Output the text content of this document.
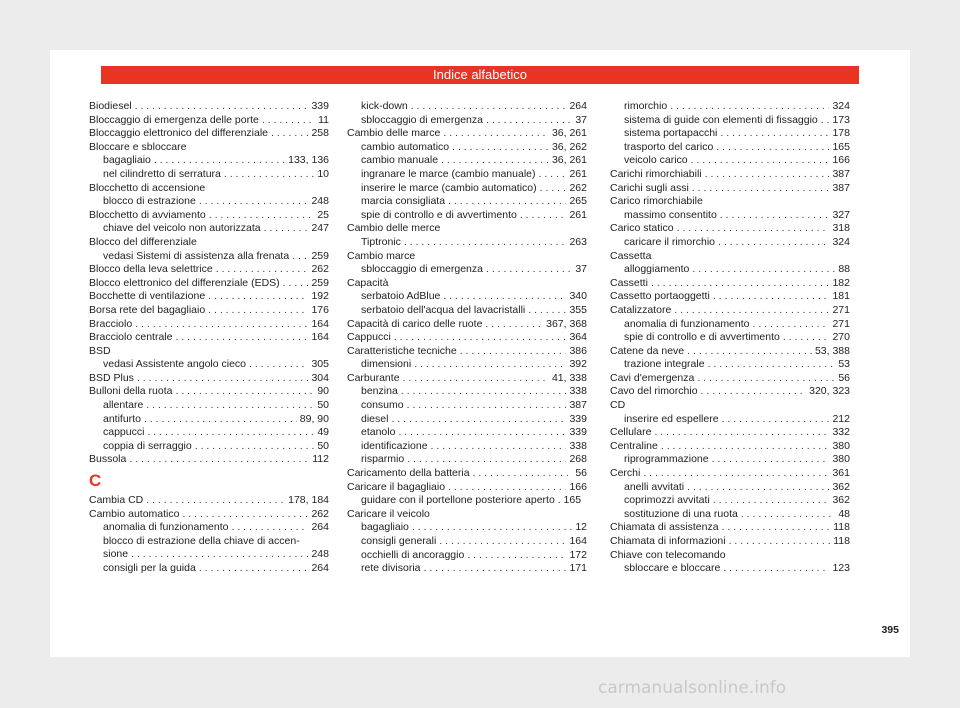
Indice alfabetico
Biodiesel . . .	339
Bloccaggio di emergenza delle porte . . .	11
Bloccaggio elettronico del differenziale . . .	258
Bloccare e sbloccare
bagagliaio . . .	133, 136
nel cilindretto di serratura . . .	10
Blocchetto di accensione
blocco di estrazione . . .	248
Blocchetto di avviamento . . .	25
chiave del veicolo non autorizzata . . .	247
Blocco del differenziale
vedasi Sistemi di assistenza alla frenata . . . 259
Blocco della leva selettrice . . .	262
Blocco elettronico del differenziale (EDS) . . .	259
Bocchette di ventilazione . . .	192
Borsa rete del bagagliaio . . .	176
Bracciolo . . .	164
Bracciolo centrale . . .	164
BSD
vedasi Assistente angolo cieco . . .	305
BSD Plus . . .	304
Bulloni della ruota . . .	90
allentare . . .	50
antifurto . . .	89, 90
cappucci . . .	49
coppia di serraggio . . .	50
Bussola . . .	112
C
Cambia CD . . .	178, 184
Cambio automatico . . .	262
anomalia di funzionamento . . .	264
blocco di estrazione della chiave di accen-
sione . . .	248
consigli per la guida . . .	264
kick-down . . .	264
sbloccaggio di emergenza . . .	37
Cambio delle marce . . .	36, 261
cambio automatico . . .	36, 262
cambio manuale . . .	36, 261
ingranare le marce (cambio manuale) . . .	261
inserire le marce (cambio automatico) . . .	262
marcia consigliata . . .	265
spie di controllo e di avvertimento . . .	261
Cambio delle merce
Tiptronic . . .	263
Cambio marce
sbloccaggio di emergenza . . .	37
Capacità
serbatoio AdBlue . . .	340
serbatoio dell'acqua del lavacristalli . . .	355
Capacità di carico delle ruote . . .	367, 368
Cappucci . . .	364
Caratteristiche tecniche . . .	386
dimensioni . . .	392
Carburante . . .	41, 338
benzina . . .	338
consumo . . .	387
diesel . . .	339
etanolo . . .	339
identificazione . . .	338
risparmio . . .	268
Caricamento della batteria . . .	56
Caricare il bagagliaio . . .	166
guidare con il portellone posteriore aperto . 165
Caricare il veicolo
bagagliaio . . .	12
consigli generali . . .	164
occhielli di ancoraggio . . .	172
rete divisoria . . .	171
rimorchio . . .	324
sistema di guide con elementi di fissaggio . . . . 173
sistema portapacchi . . .	178
trasporto del carico . . .	165
veicolo carico . . .	166
Carichi rimorchiabili . . .	387
Carichi sugli assi . . .	387
Carico rimorchiabile
massimo consentito . . .	327
Carico statico . . .	318
caricare il rimorchio . . .	324
Cassetta
alloggiamento . . .	88
Cassetti . . .	182
Cassetto portaoggetti . . .	181
Catalizzatore . . .	271
anomalia di funzionamento . . .	271
spie di controllo e di avvertimento . . .	270
Catene da neve . . .	53, 388
trazione integrale . . .	53
Cavi d'emergenza . . .	56
Cavo del rimorchio . . .	320, 323
CD
inserire ed espellere . . .	212
Cellulare . . .	332
Centraline . . .	380
riprogrammazione . . .	380
Cerchi . . .	361
anelli avvitati . . .	362
coprimozzi avvitati . . .	362
sostituzione di una ruota . . .	48
Chiamata di assistenza . . .	118
Chiamata di informazioni . . .	118
Chiave con telecomando
sbloccare e bloccare . . .	123
395
carmanualsonline.info
